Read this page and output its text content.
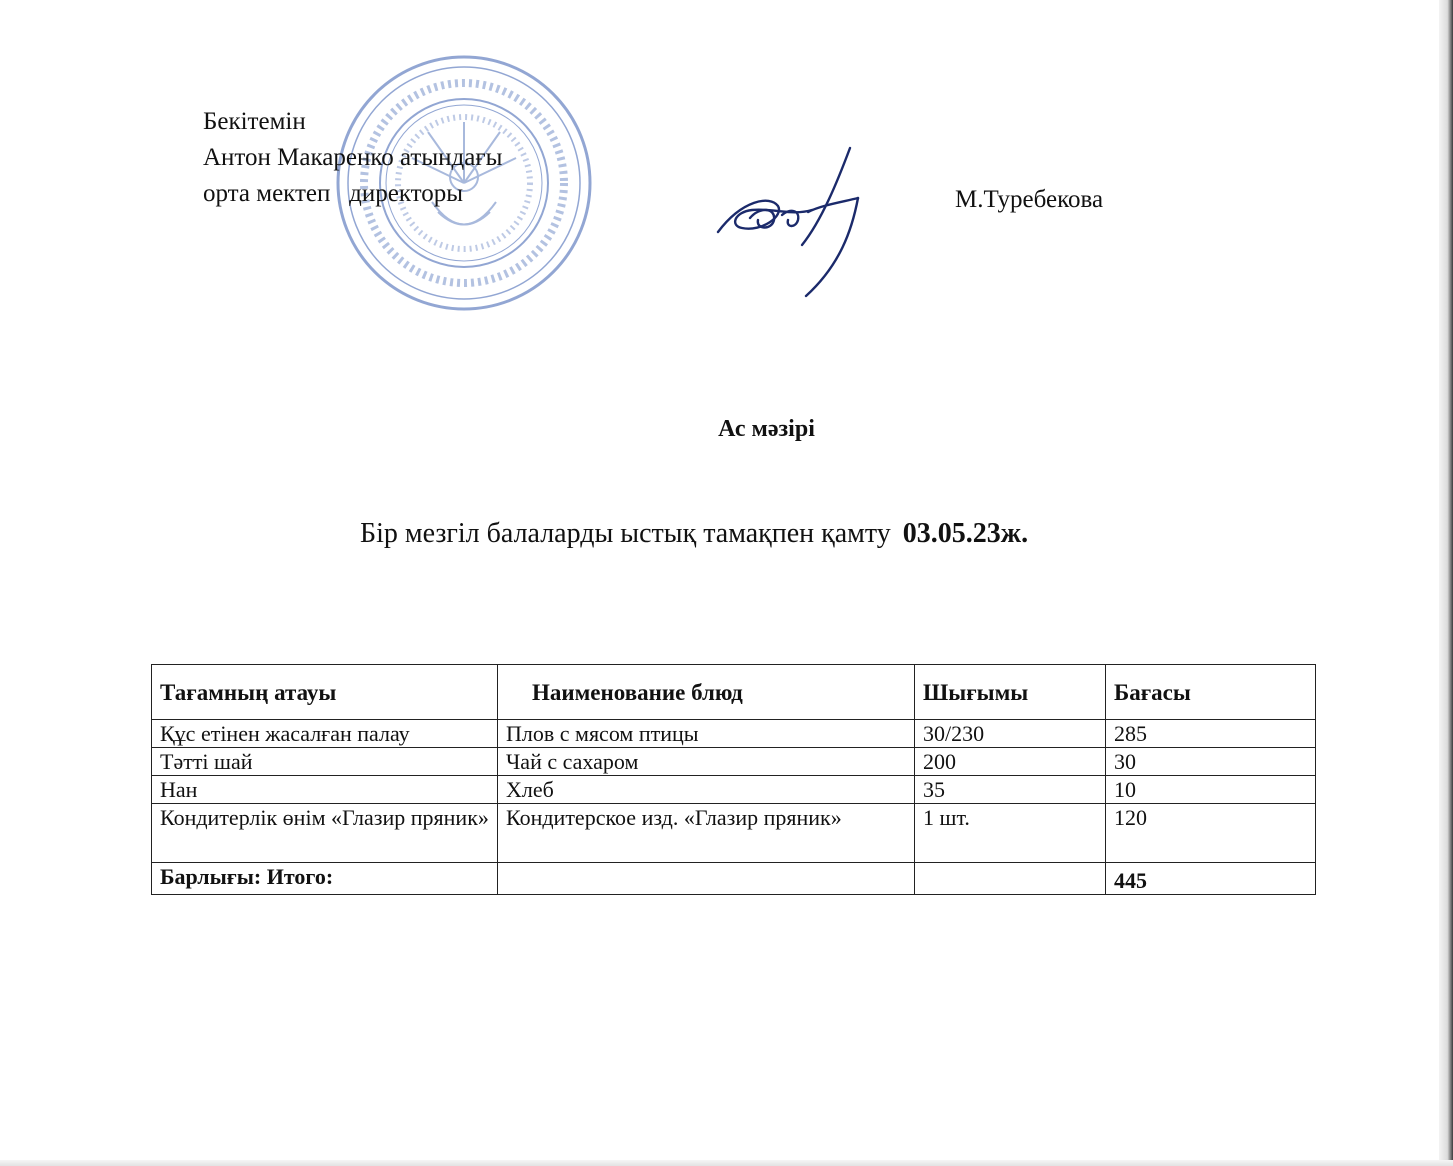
Бекітемін
Антон Макаренко атындағы
орта мектеп   директоры	М.Туребекова
Ас мәзірі
Бір мезгіл балаларды ыстық тамақпен қамту 03.05.23ж.
Тағамның атауы	Наименование блюд	Шығымы	Бағасы
Құс етінен жасалған палау	Плов с мясом птицы	30/230	285
Тәтті шай	Чай с сахаром	200	30
Нан	Хлеб	35	10
Кондитерлік өнім «Глазир пряник»	Кондитерское изд. «Глазир пряник»	1 шт.	120
Барлығы: Итого:			445
